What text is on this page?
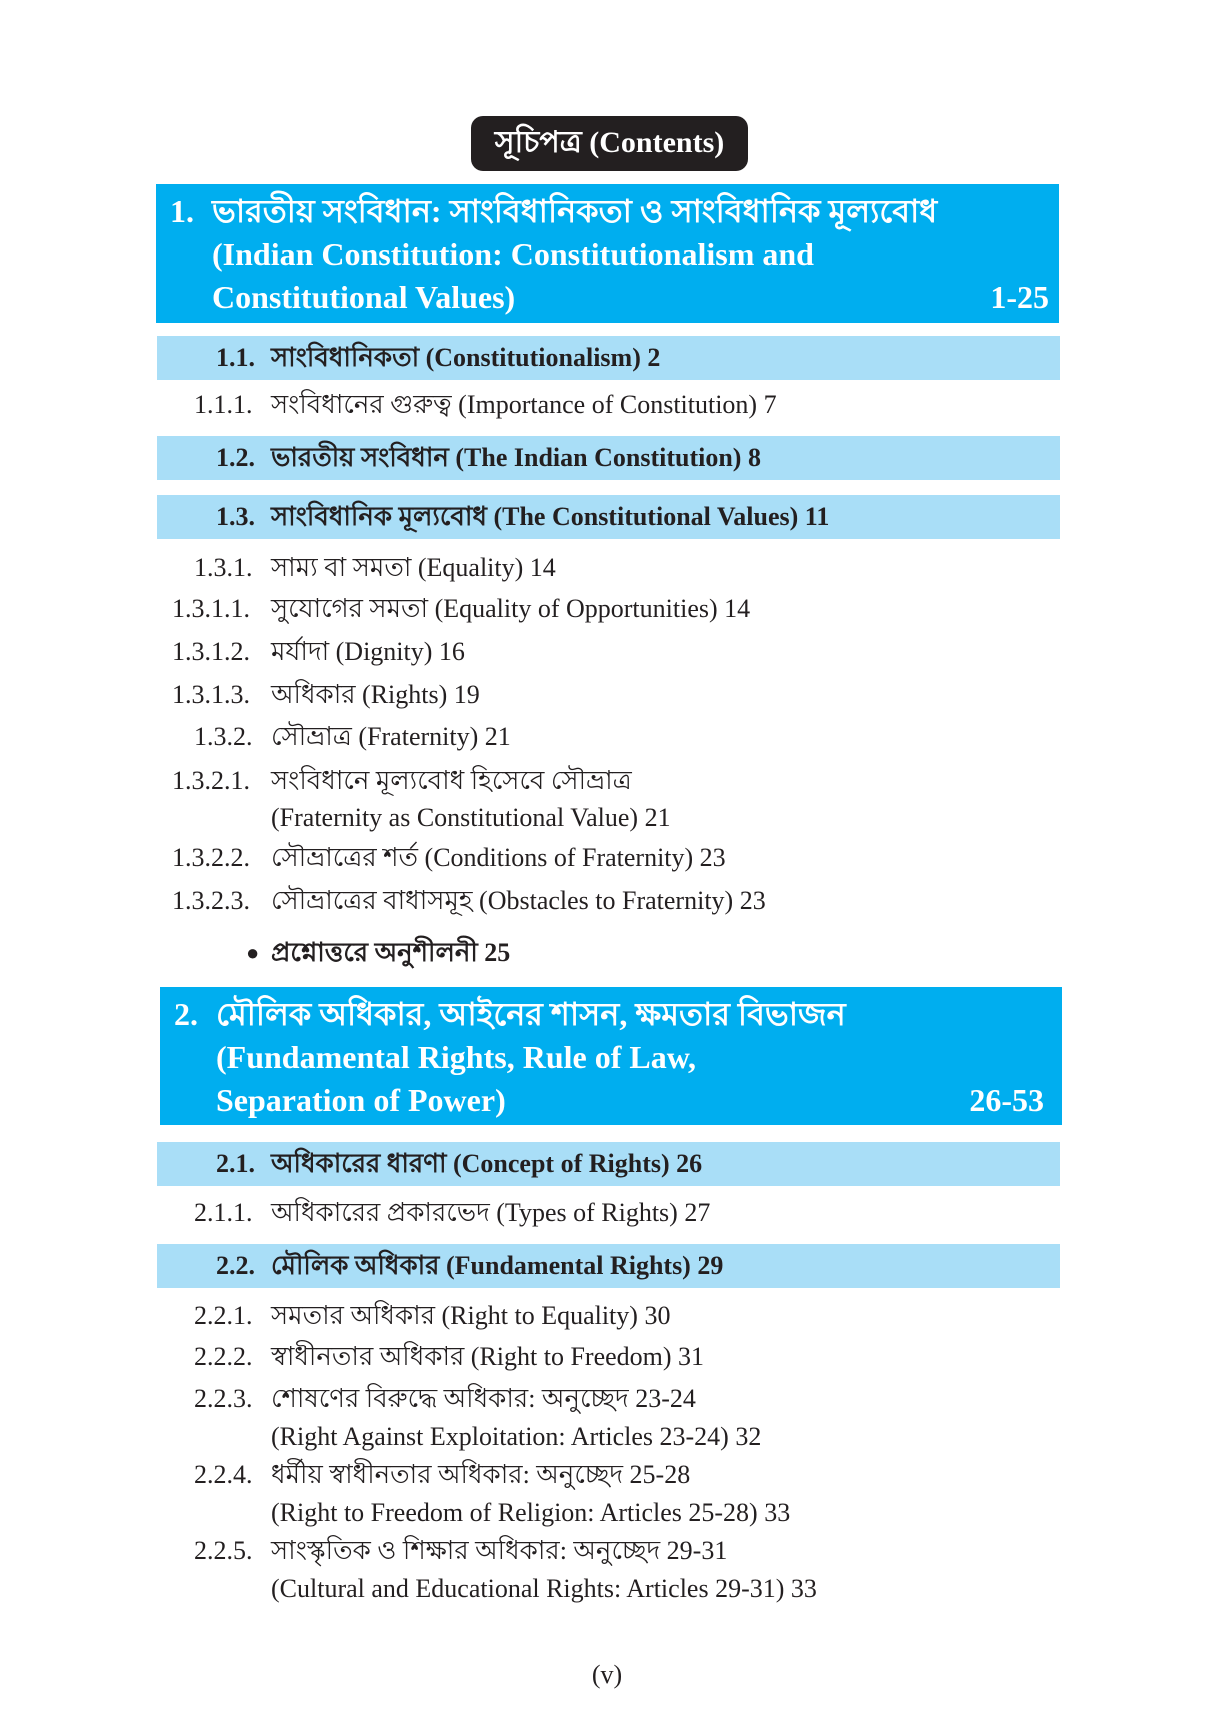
সূচিপত্র (Contents)
1. ভারতীয় সংবিধান: সাংবিধানিকতা ও সাংবিধানিক মূল্যবোধ
(Indian Constitution: Constitutionalism and
Constitutional Values)	1-25
1.1. সাংবিধানিকতা (Constitutionalism) 2
1.1.1. সংবিধানের গুরুত্ব (Importance of Constitution) 7
1.2. ভারতীয় সংবিধান (The Indian Constitution) 8
1.3. সাংবিধানিক মূল্যবোধ (The Constitutional Values) 11
1.3.1. সাম্য বা সমতা (Equality) 14
1.3.1.1. সুযোগের সমতা (Equality of Opportunities) 14
1.3.1.2. মর্যাদা (Dignity) 16
1.3.1.3. অধিকার (Rights) 19
1.3.2. সৌভ্রাত্র (Fraternity) 21
1.3.2.1. সংবিধানে মূল্যবোধ হিসেবে সৌভ্রাত্র
(Fraternity as Constitutional Value) 21
1.3.2.2. সৌভ্রাত্রের শর্ত (Conditions of Fraternity) 23
1.3.2.3. সৌভ্রাত্রের বাধাসমূহ (Obstacles to Fraternity) 23
● প্রশ্নোত্তরে অনুশীলনী 25
2. মৌলিক অধিকার, আইনের শাসন, ক্ষমতার বিভাজন
(Fundamental Rights, Rule of Law,
Separation of Power)	26-53
2.1. অধিকারের ধারণা (Concept of Rights) 26
2.1.1. অধিকারের প্রকারভেদ (Types of Rights) 27
2.2. মৌলিক অধিকার (Fundamental Rights) 29
2.2.1. সমতার অধিকার (Right to Equality) 30
2.2.2. স্বাধীনতার অধিকার (Right to Freedom) 31
2.2.3. শোষণের বিরুদ্ধে অধিকার: অনুচ্ছেদ 23-24
(Right Against Exploitation: Articles 23-24) 32
2.2.4. ধর্মীয় স্বাধীনতার অধিকার: অনুচ্ছেদ 25-28
(Right to Freedom of Religion: Articles 25-28) 33
2.2.5. সাংস্কৃতিক ও শিক্ষার অধিকার: অনুচ্ছেদ 29-31
(Cultural and Educational Rights: Articles 29-31) 33
(v)
